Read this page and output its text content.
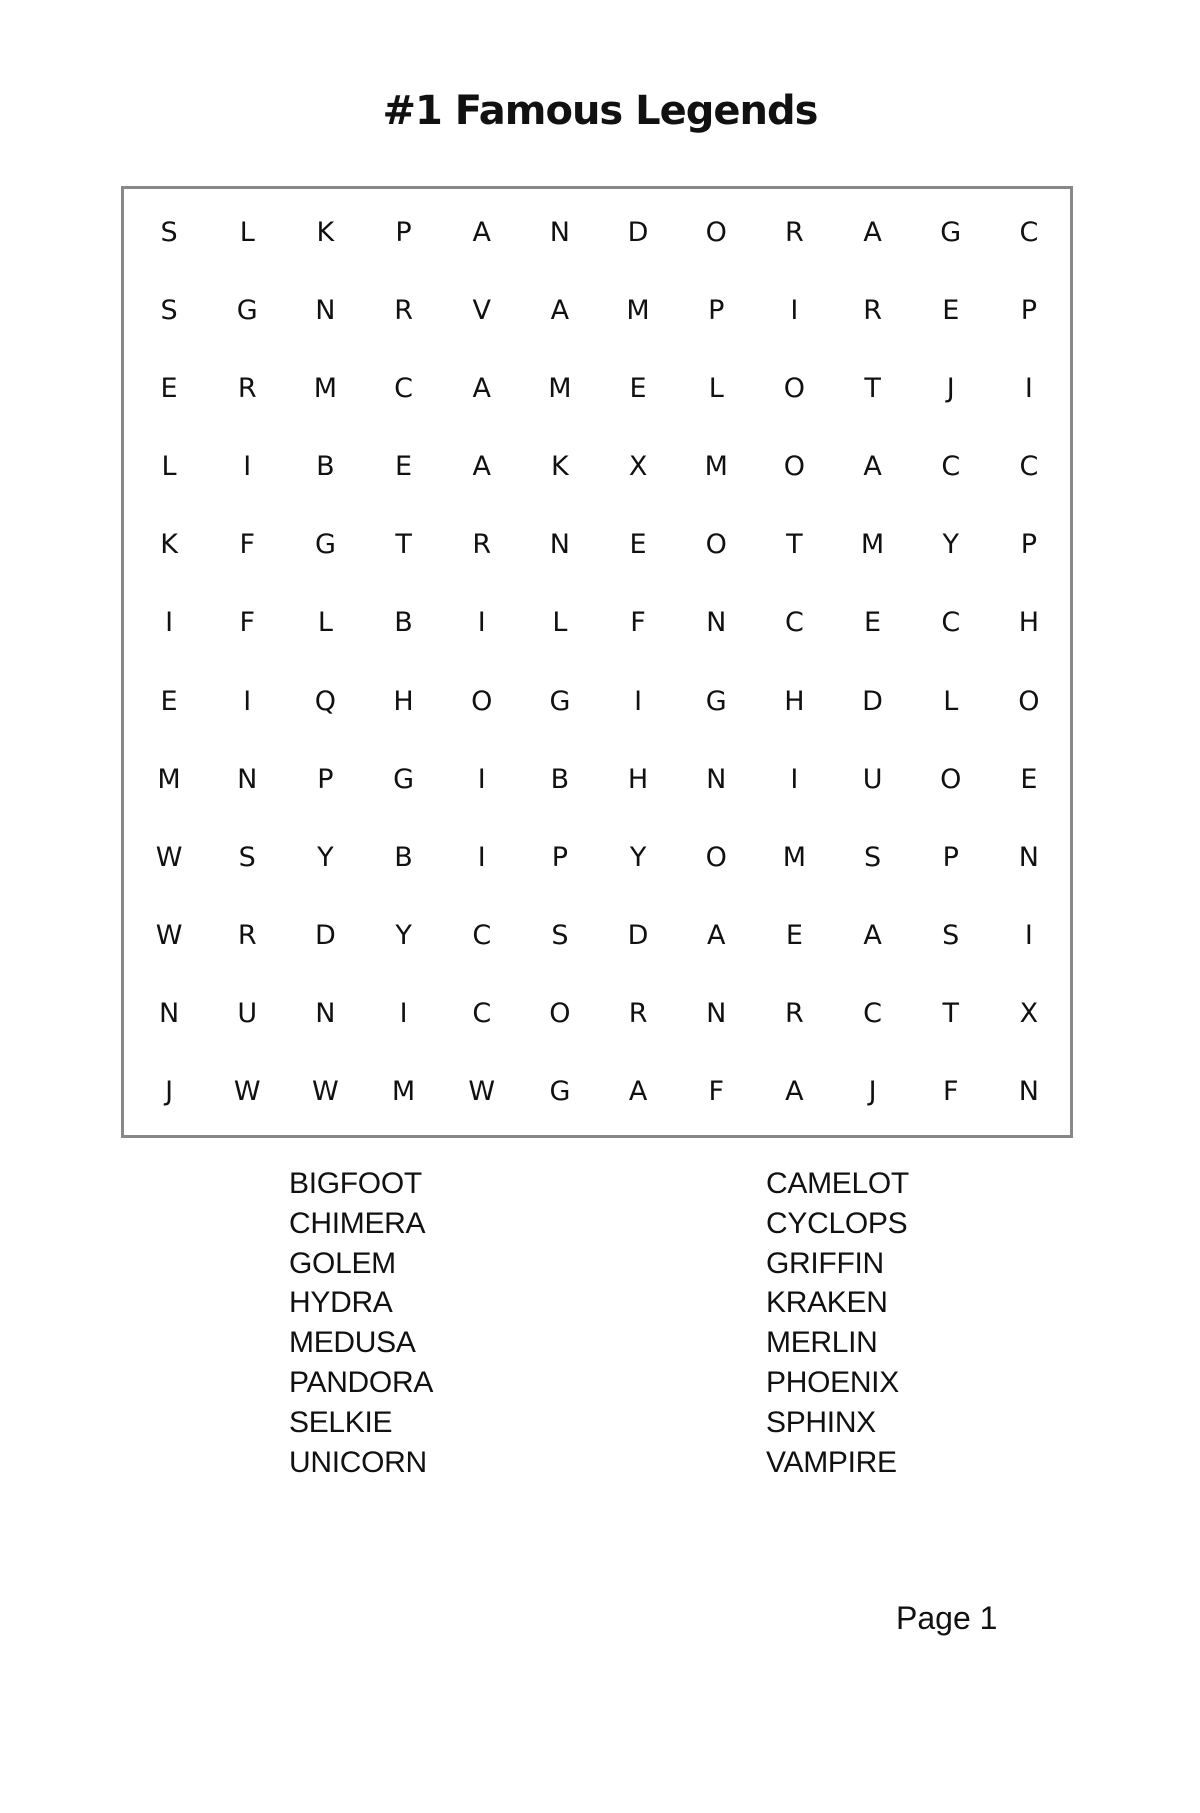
#1 Famous Legends
S	L	K	P	A	N	D	O	R	A	G	C
S	G	N	R	V	A	M	P	I	R	E	P
E	R	M	C	A	M	E	L	O	T	J	I
L	I	B	E	A	K	X	M	O	A	C	C
K	F	G	T	R	N	E	O	T	M	Y	P
I	F	L	B	I	L	F	N	C	E	C	H
E	I	Q	H	O	G	I	G	H	D	L	O
M	N	P	G	I	B	H	N	I	U	O	E
W	S	Y	B	I	P	Y	O	M	S	P	N
W	R	D	Y	C	S	D	A	E	A	S	I
N	U	N	I	C	O	R	N	R	C	T	X
J	W	W	M	W	G	A	F	A	J	F	N
BIGFOOT
CHIMERA
GOLEM
HYDRA
MEDUSA
PANDORA
SELKIE
UNICORN
CAMELOT
CYCLOPS
GRIFFIN
KRAKEN
MERLIN
PHOENIX
SPHINX
VAMPIRE
Page 1
